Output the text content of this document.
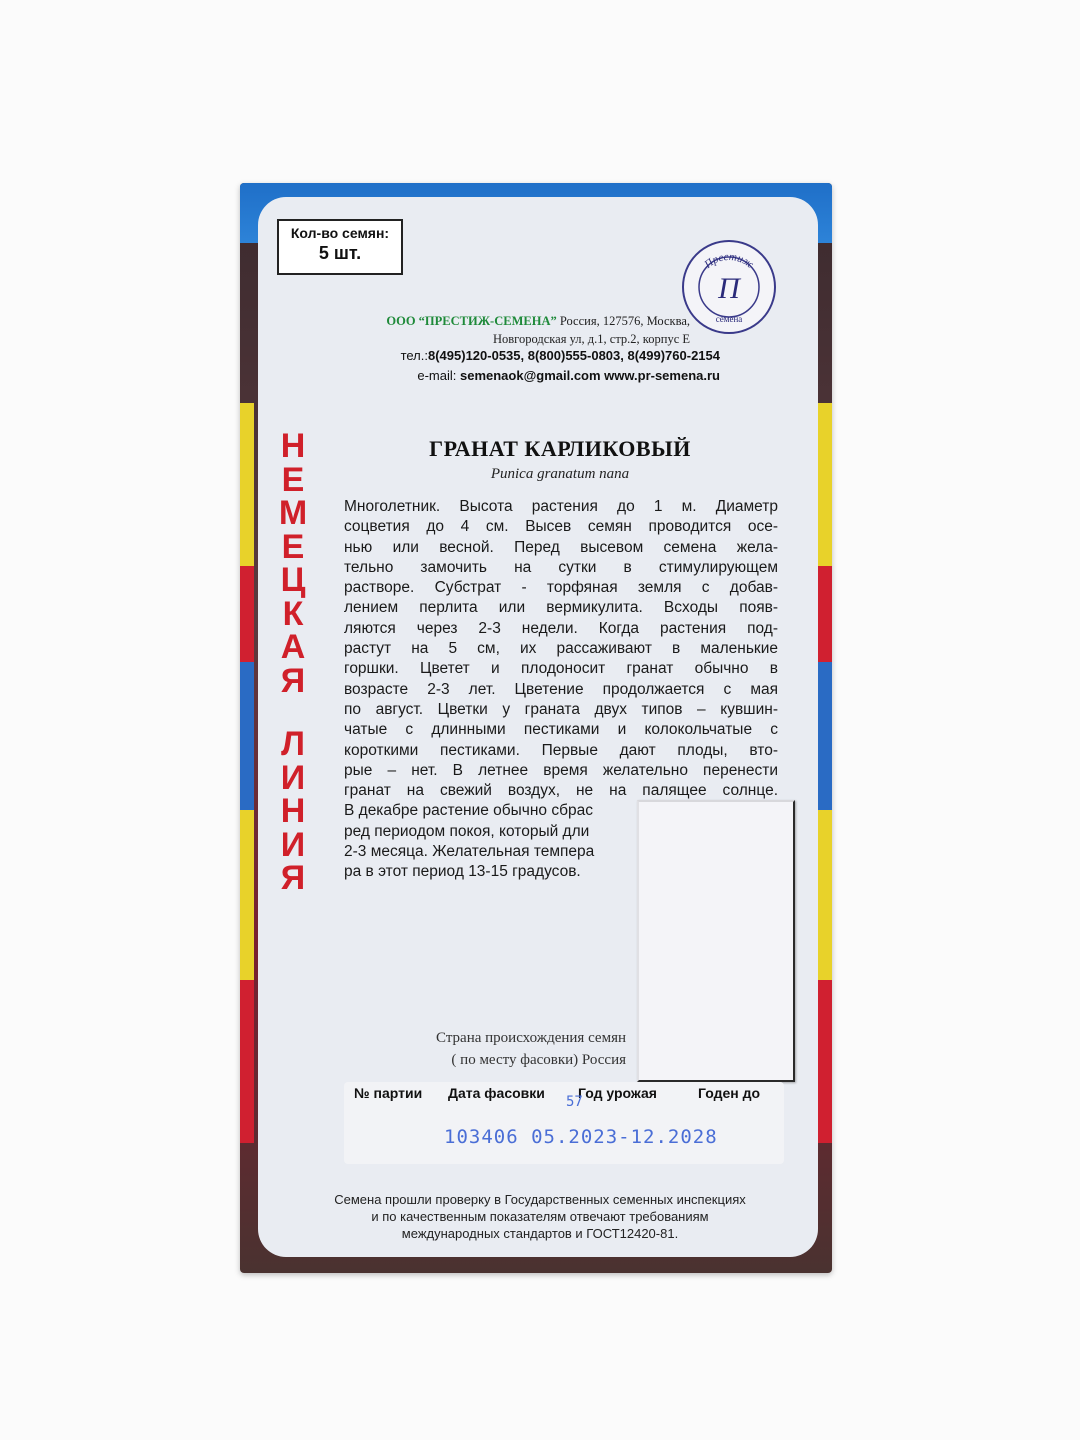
Кол-во семян:
5 шт.
Престиж
П
семена
ООО “ПРЕСТИЖ-СЕМЕНА” Россия, 127576, Москва,
Новгородская ул, д.1, стр.2, корпус Е
тел.:8(495)120-0535, 8(800)555-0803, 8(499)760-2154
e-mail: semenaok@gmail.com www.pr-semena.ru
Н
Е
М
Е
Ц
К
А
Я
Л
И
Н
И
Я
ГРАНАТ КАРЛИКОВЫЙ
Punica granatum nana
Многолетник. Высота растения до 1 м. Диаметр
соцветия до 4 см. Высев семян проводится осе-
нью или весной. Перед высевом семена жела-
тельно замочить на сутки в стимулирующем
растворе. Субстрат - торфяная земля с добав-
лением перлита или вермикулита. Всходы появ-
ляются через 2-3 недели. Когда растения под-
растут на 5 см, их рассаживают в маленькие
горшки. Цветет и плодоносит гранат обычно в
возрасте 2-3 лет. Цветение продолжается с мая
по август. Цветки у граната двух типов – кувшин-
чатые с длинными пестиками и колокольчатые с
короткими пестиками. Первые дают плоды, вто-
рые – нет. В летнее время желательно перенести
гранат на свежий воздух, не на палящее солнце.
В декабре растение обычно сбрас
ред периодом покоя, который дли
2-3 месяца. Желательная темпера
ра в этот период 13-15 градусов.
Страна происхождения семян
( по месту фасовки) Россия
№ партии Дата фасовки Год урожая	Годен до
57
103406 05.2023-12.2028
Семена прошли проверку в Государственных семенных инспекциях
и по качественным показателям отвечают требованиям
международных стандартов и ГОСТ12420-81.
